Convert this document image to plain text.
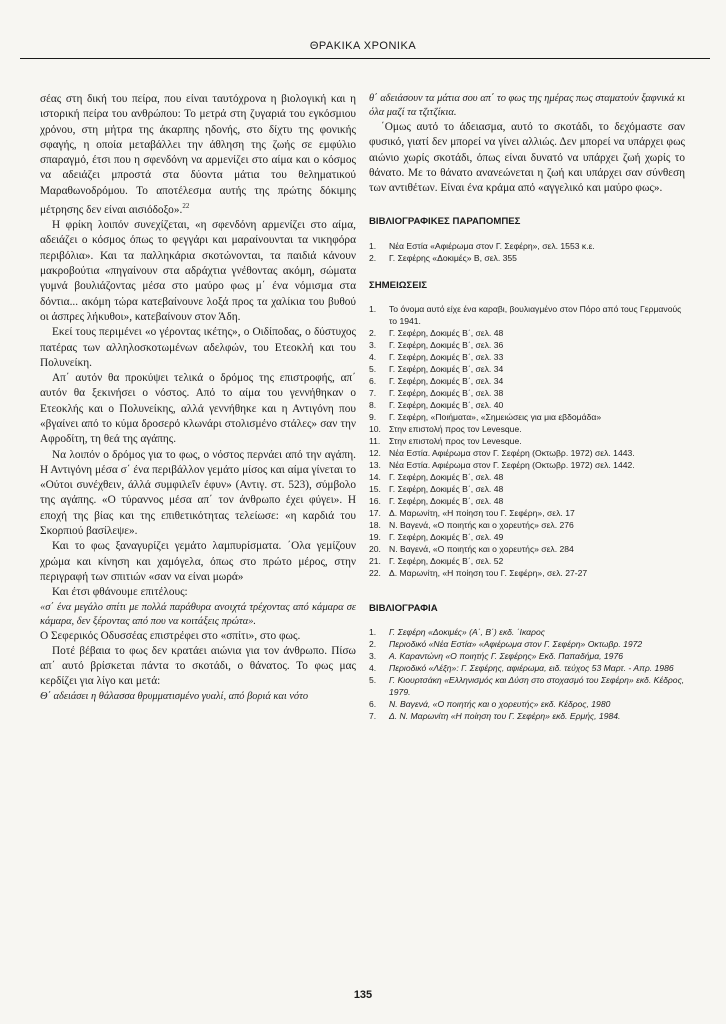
ΘΡΑΚΙΚΑ ΧΡΟΝΙΚΑ

σέας στη δική του πείρα, που είναι ταυτόχρονα η βιολογική και η ιστορική πείρα του ανθρώπου: Το μετρά στη ζυγαριά του εγκόσμιου χρόνου, στη μήτρα της άκαρπης ηδονής, στο δίχτυ της φονικής σφαγής, η οποία μεταβάλλει την άθληση της ζωής σε εμφύλιο σπαραγμό, έτσι που η σφενδόνη να αρμενίζει στο αίμα και ο κόσμος να αδειάζει μπροστά στα δύοντα μάτια του θεληματικού Μαραθωνοδρόμου. Το αποτέλεσμα αυτής της πρώτης δόκιμης μέτρησης δεν είναι αισιόδοξο».$^{22}$

Η φρίκη λοιπόν συνεχίζεται, «η σφενδόνη αρμενίζει στο αίμα, αδειάζει ο κόσμος όπως το φεγγάρι και μαραίνουνται τα νικηφόρα περιβόλια». Και τα παλληκάρια σκοτώνονται, τα παιδιά κάνουν μακροβούτια «πηγαίνουν στα αδράχτια γνέθοντας ακόμη, σώματα γυμνά βουλιάζοντας μέσα στο μαύρο φως μ΄ ένα νόμισμα στα δόντια... ακόμη τώρα κατεβαίνουνε λοξά προς τα χαλίκια του βυθού οι άσπρες λήκυθοι», κατεβαίνουν στον Άδη.

Εκεί τους περιμένει «ο γέροντας ικέτης», ο Οιδίποδας, ο δύστυχος πατέρας των αλληλοσκοτωμένων αδελφών, του Ετεοκλή και του Πολυνείκη.

Απ΄ αυτόν θα προκύψει τελικά ο δρόμος της επιστροφής, απ΄ αυτόν θα ξεκινήσει ο νόστος. Από το αίμα του γεννήθηκαν ο Ετεοκλής και ο Πολυνείκης, αλλά γεννήθηκε και η Αντιγόνη που «βγαίνει από το κύμα δροσερό κλωνάρι στολισμένο στάλες» σαν την Αφροδίτη, τη θεά της αγάπης.

Να λοιπόν ο δρόμος για το φως, ο νόστος περνάει από την αγάπη. Η Αντιγόνη μέσα σ΄ ένα περιβάλλον γεμάτο μίσος και αίμα γίνεται το «Ούτοι συνέχθειν, άλλά συμφιλεΐν έφυν» (Αντιγ. στ. 523), σύμβολο της αγάπης. «Ο τύραννος μέσα απ΄ τον άνθρωπο έχει φύγει». Η εποχή της βίας και της επιθετικότητας τελείωσε: «η καρδιά του Σκορπιού βασίλεψε».

Και το φως ξαναγυρίζει γεμάτο λαμπυρίσματα. ΄Ολα γεμίζουν χρώμα και κίνηση και χαμόγελα, όπως στο πρώτο μέρος, στην περιγραφή των σπιτιών «σαν να είναι μωρά»

Και έτσι φθάνουμε επιτέλους:

«σ΄ ένα μεγάλο σπίτι με πολλά παράθυρα ανοιχτά τρέχοντας από κάμαρα σε κάμαρα, δεν ξέροντας από που να κοιτάξεις πρώτα».

Ο Σεφερικός Οδυσσέας επιστρέφει στο «σπίτι», στο φως.

Ποτέ βέβαια το φως δεν κρατάει αιώνια για τον άνθρωπο. Πίσω απ΄ αυτό βρίσκεται πάντα το σκοτάδι, ο θάνατος. Το φως μας κερδίζει για λίγο και μετά:

Θ΄ αδειάσει η θάλασσα θρυμματισμένο γυαλί, από βοριά και νότο

θ΄ αδειάσουν τα μάτια σου απ΄ το φως της ημέρας πως σταματούν ξαφνικά κι όλα μαζί τα τζιτζίκια.

΄Ομως αυτό το άδειασμα, αυτό το σκοτάδι, το δεχόμαστε σαν φυσικό, γιατί δεν μπορεί να γίνει αλλιώς. Δεν μπορεί να υπάρχει φως αιώνιο χωρίς σκοτάδι, όπως είναι δυνατό να υπάρχει ζωή χωρίς το θάνατο. Με το θάνατο ανανεώνεται η ζωή και υπάρχει σαν σύνθεση των αντιθέτων. Είναι ένα κράμα από «αγγελικό και μαύρο φως».

ΒΙΒΛΙΟΓΡΑΦΙΚΕΣ ΠΑΡΑΠΟΜΠΕΣ
1.	Νέα Εστία «Αφιέρωμα στον Γ. Σεφέρη», σελ. 1553 κ.ε.
2.	Γ. Σεφέρης «Δοκιμές» Β, σελ. 355
ΣΗΜΕΙΩΣΕΙΣ
1.	Το όνομα αυτό είχε ένα καραβι, βουλιαγμένο στον Πόρο από τους Γερμανούς το 1941.
2.	Γ. Σεφέρη, Δοκιμές Β΄, σελ. 48
3.	Γ. Σεφέρη, Δοκιμές Β΄, σελ. 36
4.	Γ. Σεφέρη, Δοκιμές Β΄, σελ. 33
5.	Γ. Σεφέρη, Δοκιμές Β΄, σελ. 34
6.	Γ. Σεφέρη, Δοκιμές Β΄, σελ. 34
7.	Γ. Σεφέρη, Δοκιμές Β΄, σελ. 38
8.	Γ. Σεφέρη, Δοκιμές Β΄, σελ. 40
9.	Γ. Σεφέρη, «Ποιήματα», «Σημειώσεις για μια εβδομάδα»
10. Στην επιστολή προς τον Levesque.
11.	Στην επιστολή προς τον Levesque.
12. Νέα Εστία. Αφιέρωμα στον Γ. Σεφέρη (Οκτωβρ. 1972) σελ. 1443.
13. Νέα Εστία. Αφιέρωμα στον Γ. Σεφέρη (Οκτωβρ. 1972) σελ. 1442.
14. Γ. Σεφέρη, Δοκιμές Β΄, σελ. 48
15. Γ. Σεφέρη, Δοκιμές Β΄, σελ. 48
16. Γ. Σεφέρη, Δοκιμές Β΄, σελ. 48
17. Δ. Μαρωνίτη, «Η ποίηση του Γ. Σεφέρη», σελ. 17
18. Ν. Βαγενά, «Ο ποιητής και ο χορευτής» σελ. 276
19. Γ. Σεφέρη, Δοκιμές Β΄, σελ. 49
20. Ν. Βαγενά, «Ο ποιητής και ο χορευτής» σελ. 284
21. Γ. Σεφέρη, Δοκιμές Β΄, σελ. 52
22. Δ. Μαρωνίτη, «Η ποίηση του Γ. Σεφέρη», σελ. 27-27
ΒΙΒΛΙΟΓΡΑΦΙΑ
1.	Γ. Σεφέρη «Δοκιμές» (Α΄, Β΄) εκδ. ΄Ικαρος
2.	Περιοδικό «Νέα Εστία» «Αφιέρωμα στον Γ. Σεφέρη» Οκτωβρ. 1972
3.	Α. Καραντώνη «Ο ποιητής Γ. Σεφέρης» Εκδ. Παπαδήμα, 1976
4.	Περιοδικό «Λέξη»: Γ. Σεφέρης, αφιέρωμα, ειδ. τεύχος 53 Μαρτ. - Απρ. 1986
5.	Γ. Κιουρτσάκη «Ελληνισμός και Δύση στο στοχασμό του Σεφέρη» εκδ. Κέδρος, 1979.
6.	Ν. Βαγενά, «Ο ποιητής και ο χορευτής» εκδ. Κέδρος, 1980
7.	Δ. Ν. Μαρωνίτη «Η ποίηση του Γ. Σεφέρη» εκδ. Ερμής, 1984.
135
